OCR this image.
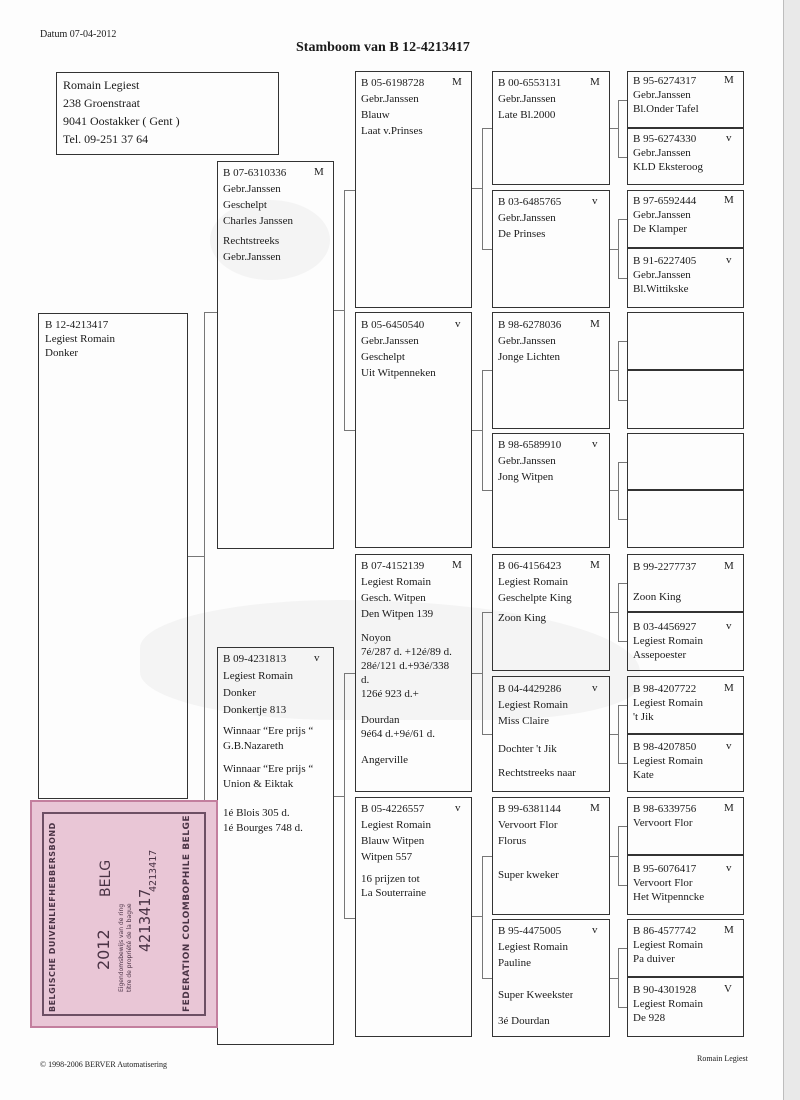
Datum 07-04-2012
Stamboom van B 12-4213417
Romain Legiest
238 Groenstraat
9041 Oostakker ( Gent )
Tel. 09-251 37 64
B 12-4213417
Legiest Romain
Donker
B 07-6310336
Gebr.Janssen
Geschelpt
Charles Janssen
Rechtstreeks
Gebr.Janssen
M
B 09-4231813
Legiest Romain
Donker
Donkertje 813
Winnaar “Ere prijs “
G.B.Nazareth
Winnaar “Ere prijs “
Union & Eiktak
1é Blois 305 d.
1é Bourges 748 d.
v
B 05-6198728
Gebr.Janssen
Blauw
Laat v.Prinses
M
B 05-6450540
Gebr.Janssen
Geschelpt
Uit Witpenneken
v
B 07-4152139
Legiest Romain
Gesch. Witpen
Den Witpen 139
Noyon
7é/287 d. +12é/89 d.
28é/121 d.+93é/338
d.
126é 923 d.+
Dourdan
9é64 d.+9é/61 d.
Angerville
M
B 05-4226557
Legiest Romain
Blauw Witpen
Witpen 557
16 prijzen tot
La Souterraine
v
B 00-6553131
Gebr.Janssen
Late Bl.2000
M
B 03-6485765
Gebr.Janssen
De Prinses
v
B 98-6278036
Gebr.Janssen
Jonge Lichten
M
B 98-6589910
Gebr.Janssen
Jong Witpen
v
B 06-4156423
Legiest Romain
Geschelpte King
Zoon King
M
B 04-4429286
Legiest Romain
Miss Claire
Dochter 't Jik
Rechtstreeks naar
v
B 99-6381144
Vervoort Flor
Florus
Super kweker
M
B 95-4475005
Legiest Romain
Pauline
Super Kweekster
3é Dourdan
v
B 95-6274317
Gebr.Janssen
Bl.Onder Tafel
M
B 95-6274330
Gebr.Janssen
KLD Eksteroog
v
B 97-6592444
Gebr.Janssen
De Klamper
M
B 91-6227405
Gebr.Janssen
Bl.Wittikske
v
B 99-2277737
Zoon King
M
B 03-4456927
Legiest Romain
Assepoester
v
B 98-4207722
Legiest Romain
't Jik
M
B 98-4207850
Legiest Romain
Kate
v
B 98-6339756
Vervoort Flor
M
B 95-6076417
Vervoort Flor
Het Witpenncke
v
B 86-4577742
Legiest Romain
Pa duiver
M
B 90-4301928
Legiest Romain
De 928
V
BELGISCHE DUIVENLIEFHEBBERSBOND 2012
BELG
Eigendomsbewijs van de ring titre de propriété de la bague 4213417
4213417	FEDERATION COLOMBOPHILE BELGE
© 1998-2006 BERVER Automatisering
Romain Legiest
